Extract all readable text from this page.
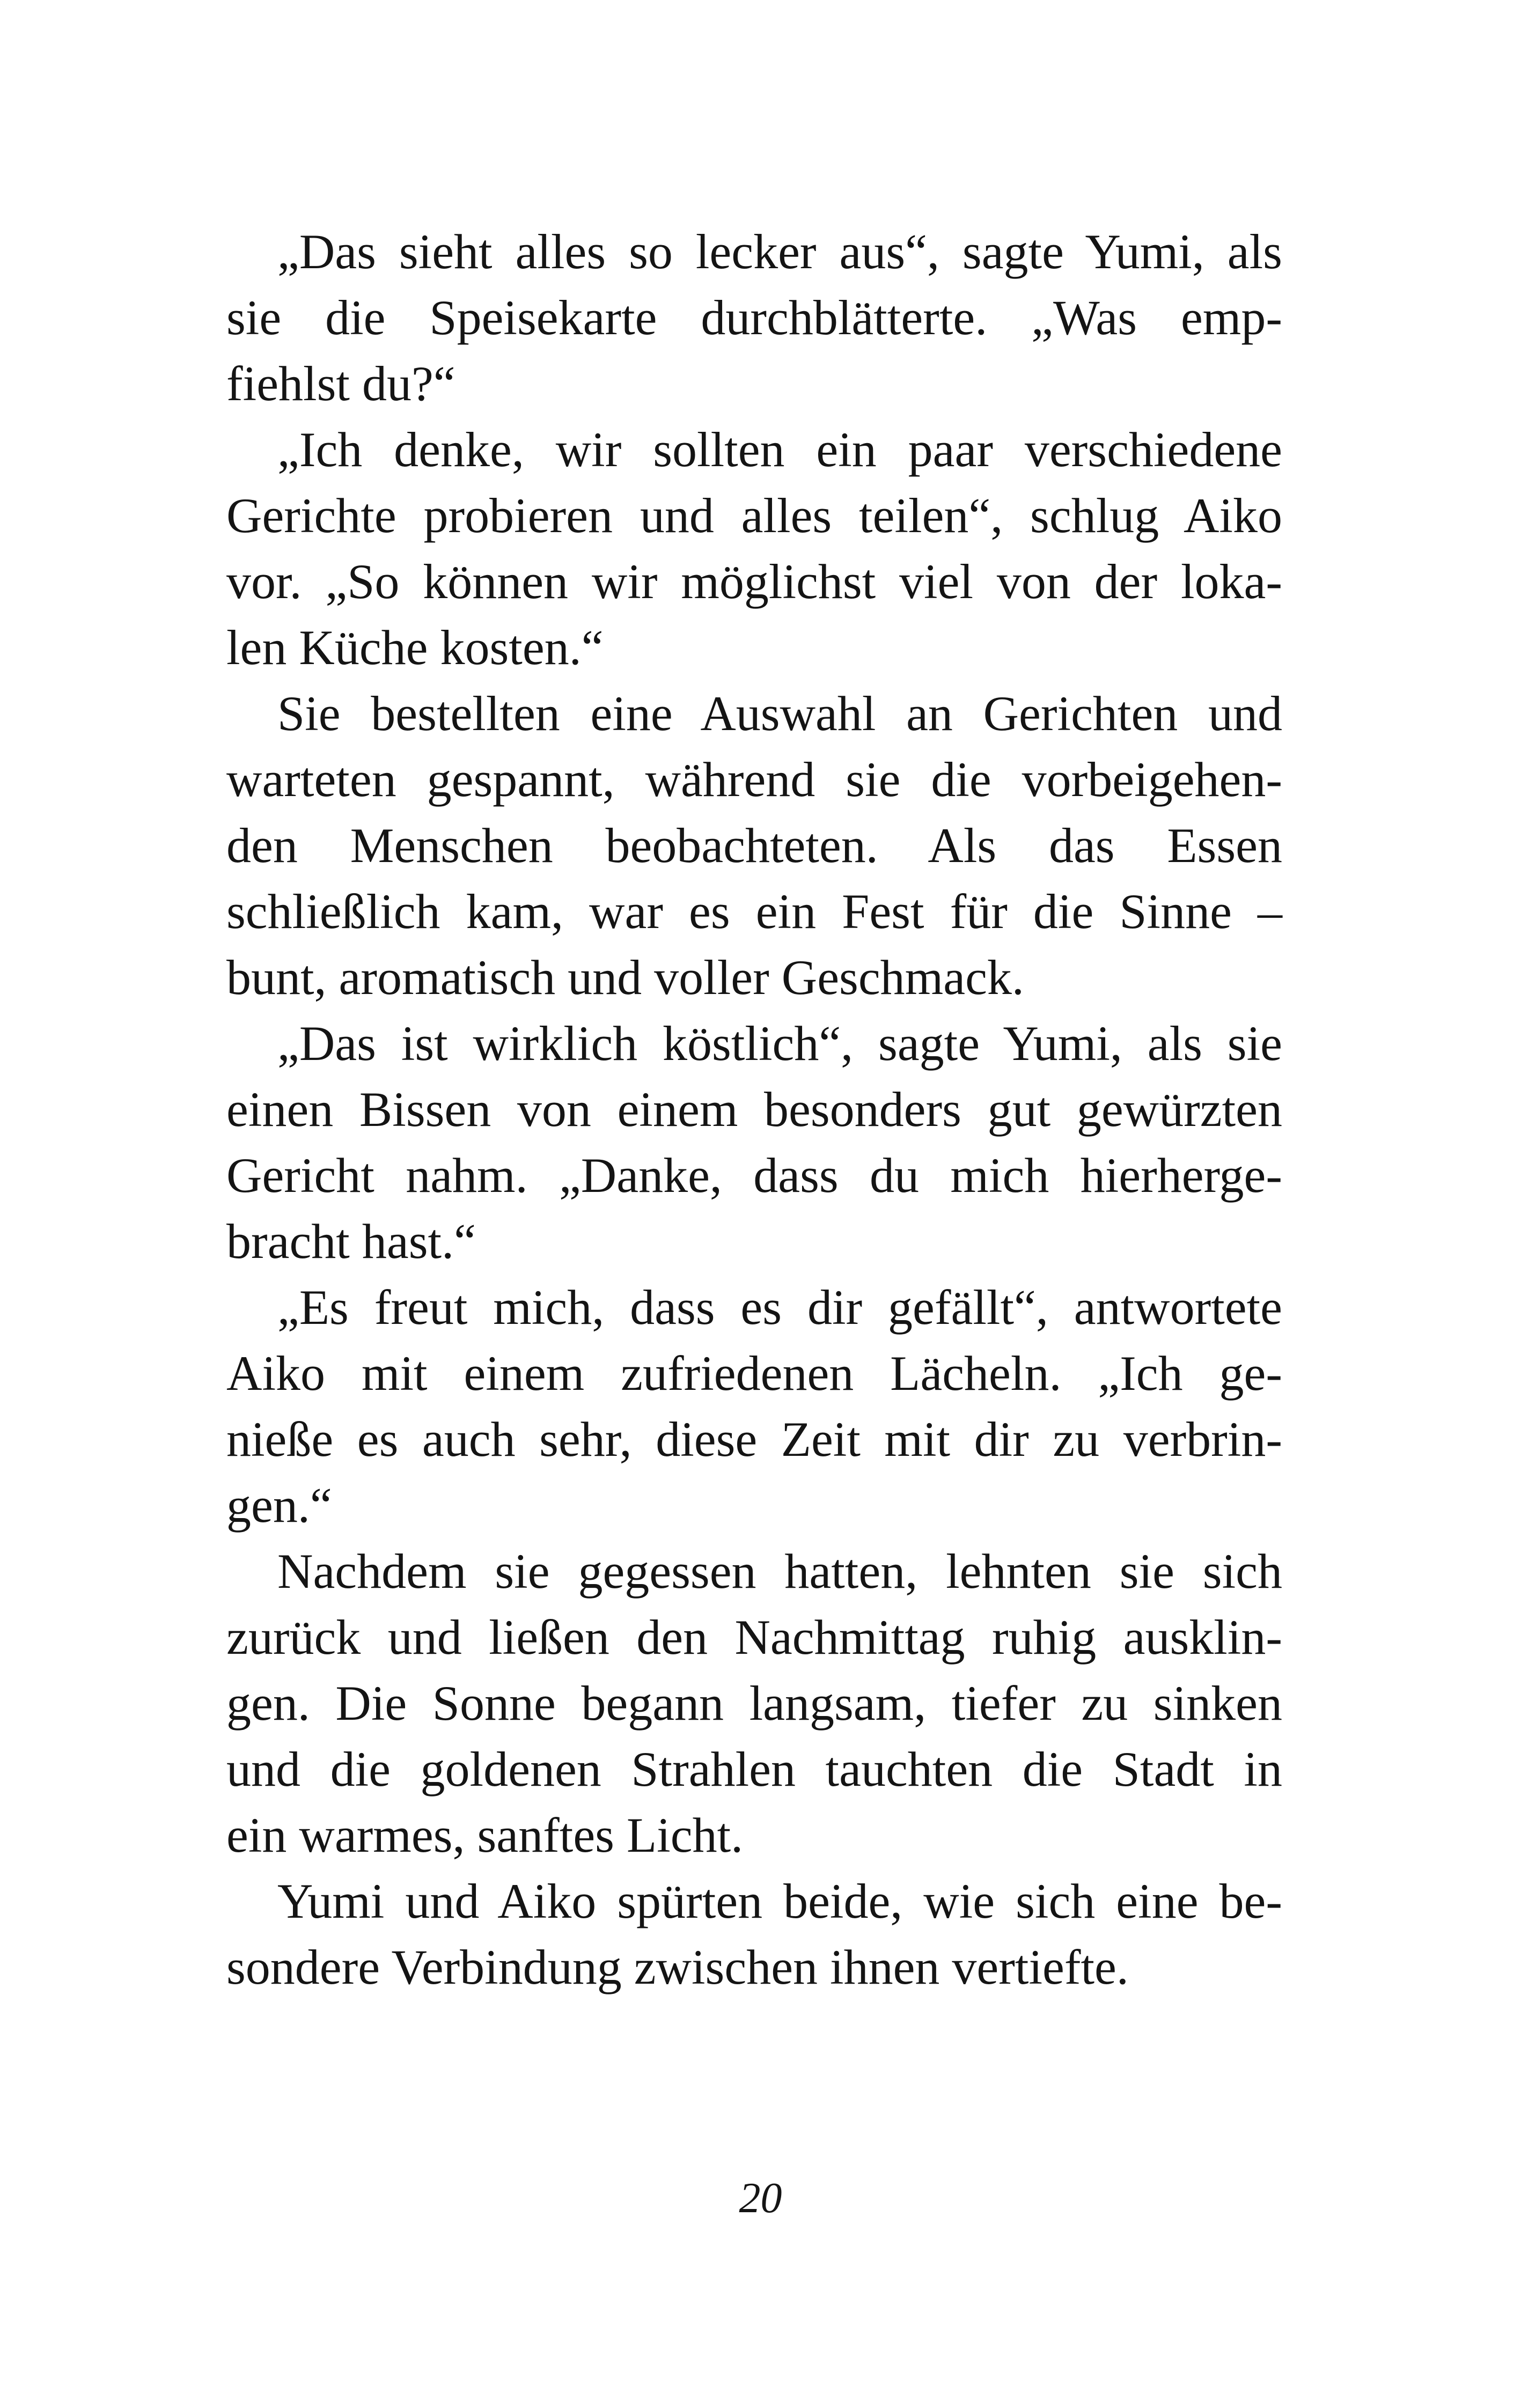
„Das sieht alles so lecker aus“, sagte Yumi, als
sie die Speisekarte durchblätterte. „Was emp-
fiehlst du?“
„Ich denke, wir sollten ein paar verschiedene
Gerichte probieren und alles teilen“, schlug Aiko
vor. „So können wir möglichst viel von der loka-
len Küche kosten.“
Sie bestellten eine Auswahl an Gerichten und
warteten gespannt, während sie die vorbeigehen-
den Menschen beobachteten. Als das Essen
schließlich kam, war es ein Fest für die Sinne –
bunt, aromatisch und voller Geschmack.
„Das ist wirklich köstlich“, sagte Yumi, als sie
einen Bissen von einem besonders gut gewürzten
Gericht nahm. „Danke, dass du mich hierherge-
bracht hast.“
„Es freut mich, dass es dir gefällt“, antwortete
Aiko mit einem zufriedenen Lächeln. „Ich ge-
nieße es auch sehr, diese Zeit mit dir zu verbrin-
gen.“
Nachdem sie gegessen hatten, lehnten sie sich
zurück und ließen den Nachmittag ruhig ausklin-
gen. Die Sonne begann langsam, tiefer zu sinken
und die goldenen Strahlen tauchten die Stadt in
ein warmes, sanftes Licht.
Yumi und Aiko spürten beide, wie sich eine be-
sondere Verbindung zwischen ihnen vertiefte.
20
